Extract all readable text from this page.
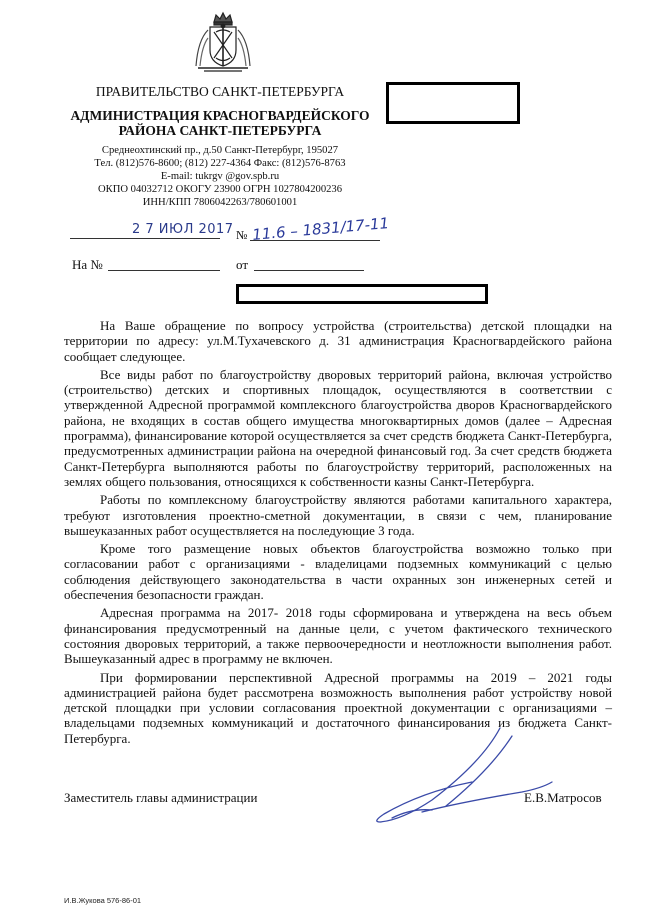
ПРАВИТЕЛЬСТВО САНКТ-ПЕТЕРБУРГА
АДМИНИСТРАЦИЯ КРАСНОГВАРДЕЙСКОГО
РАЙОНА САНКТ-ПЕТЕРБУРГА
Среднеохтинский пр., д.50 Санкт-Петербург, 195027
Тел. (812)576-8600; (812) 227-4364 Факс: (812)576-8763
E-mail: tukrgv @gov.spb.ru
ОКПО 04032712 ОКОГУ 23900 ОГРН 1027804200236
ИНН/КПП 7806042263/780601001
2 7 ИЮЛ 2017 № 11.6 – 1831/17-11
На №	от

На Ваше обращение по вопросу устройства (строительства) детской площадки на территории по адресу: ул.М.Тухачевского д. 31 администрация Красногвардейского района сообщает следующее.

Все виды работ по благоустройству дворовых территорий района, включая устройство (строительство) детских и спортивных площадок, осуществляются в соответствии с утвержденной Адресной программой комплексного благоустройства дворов Красногвардейского района, не входящих в состав общего имущества многоквартирных домов (далее – Адресная программа), финансирование которой осуществляется за счет средств бюджета Санкт-Петербурга, предусмотренных администрации района на очередной финансовый год. За счет средств бюджета Санкт-Петербурга выполняются работы по благоустройству территорий, расположенных на землях общего пользования, относящихся к собственности казны Санкт-Петербурга.

Работы по комплексному благоустройству являются работами капитального характера, требуют изготовления проектно-сметной документации, в связи с чем, планирование вышеуказанных работ осуществляется на последующие 3 года.

Кроме того размещение новых объектов благоустройства возможно только при согласовании работ с организациями - владелицами подземных коммуникаций с целью соблюдения действующего законодательства в части охранных зон инженерных сетей и обеспечения безопасности граждан.

Адресная программа на 2017- 2018 годы сформирована и утверждена на весь объем финансирования предусмотренный на данные цели, с учетом фактического технического состояния дворовых территорий, а также первоочередности и неотложности выполнения работ. Вышеуказанный адрес в программу не включен.

При формировании перспективной Адресной программы на 2019 – 2021 годы администрацией района будет рассмотрена возможность выполнения работ устройству новой детской площадки при условии согласования проектной документации с организациями – владельцами подземных коммуникаций и достаточного финансирования из бюджета Санкт-Петербурга.

Заместитель главы администрации	Е.В.Матросов
И.В.Жукова 576-86-01
